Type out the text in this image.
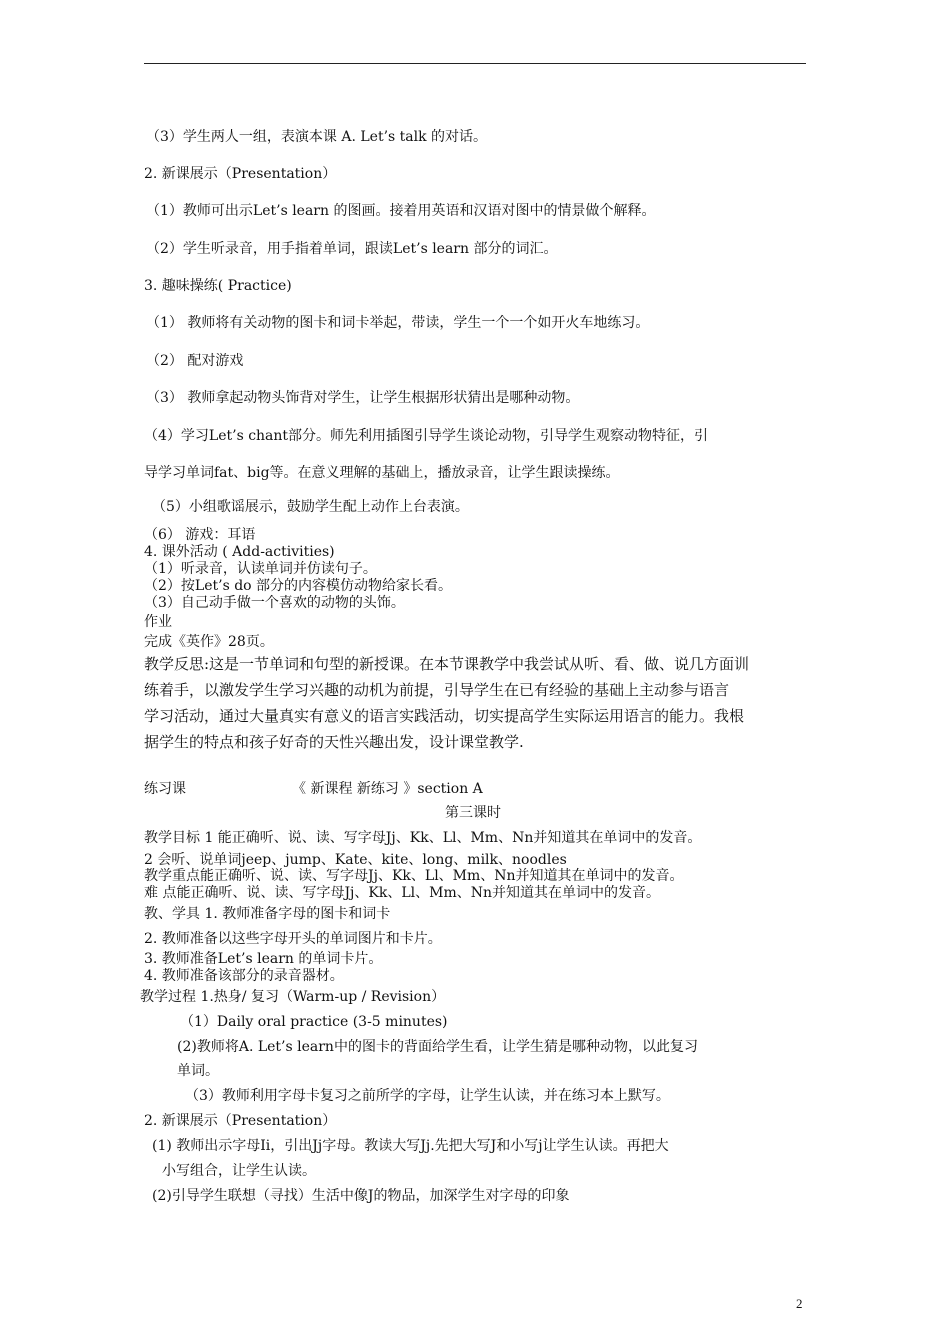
（3）学生两人一组，表演本课 A. Let’s talk 的对话。
2. 新课展示（Presentation）
（1）教师可出示Let’s learn 的图画。接着用英语和汉语对图中的情景做个解释。
（2）学生听录音，用手指着单词，跟读Let’s learn 部分的词汇。
3. 趣味操练( Practice)
（1） 教师将有关动物的图卡和词卡举起，带读，学生一个一个如开火车地练习。
（2） 配对游戏
（3） 教师拿起动物头饰背对学生，让学生根据形状猜出是哪种动物。
（4）学习Let’s chant部分。师先利用插图引导学生谈论动物，引导学生观察动物特征，引
导学习单词fat、big等。在意义理解的基础上，播放录音，让学生跟读操练。
（5）小组歌谣展示，鼓励学生配上动作上台表演。
（6） 游戏：耳语
4. 课外活动 ( Add-activities)
（1）听录音，认读单词并仿读句子。
（2）按Let’s do 部分的内容模仿动物给家长看。
（3）自己动手做一个喜欢的动物的头饰。
作业
完成《英作》28页。
教学反思:这是一节单词和句型的新授课。在本节课教学中我尝试从听、看、做、说几方面训
练着手，以激发学生学习兴趣的动机为前提，引导学生在已有经验的基础上主动参与语言
学习活动，通过大量真实有意义的语言实践活动，切实提高学生实际运用语言的能力。我根
据学生的特点和孩子好奇的天性兴趣出发，设计课堂教学.
练习课	《 新课程 新练习 》section A
第三课时
教学目标 1 能正确听、说、读、写字母Jj、Kk、Ll、Mm、Nn并知道其在单词中的发音。
2 会听、说单词jeep、jump、Kate、kite、long、milk、noodles
教学重点能正确听、说、读、写字母Jj、Kk、Ll、Mm、Nn并知道其在单词中的发音。
难 点能正确听、说、读、写字母Jj、Kk、Ll、Mm、Nn并知道其在单词中的发音。
教、学具 1. 教师准备字母的图卡和词卡
2. 教师准备以这些字母开头的单词图片和卡片。
3. 教师准备Let’s learn 的单词卡片。
4. 教师准备该部分的录音器材。
教学过程 1.热身/ 复习（Warm-up / Revision）
（1）Daily oral practice (3-5 minutes)
(2)教师将A. Let’s learn中的图卡的背面给学生看，让学生猜是哪种动物，以此复习
单词。
（3）教师利用字母卡复习之前所学的字母，让学生认读，并在练习本上默写。
2. 新课展示（Presentation）
(1) 教师出示字母Ii，引出Jj字母。教读大写Jj.先把大写J和小写j让学生认读。再把大
小写组合，让学生认读。
(2)引导学生联想（寻找）生活中像J的物品，加深学生对字母的印象
2
